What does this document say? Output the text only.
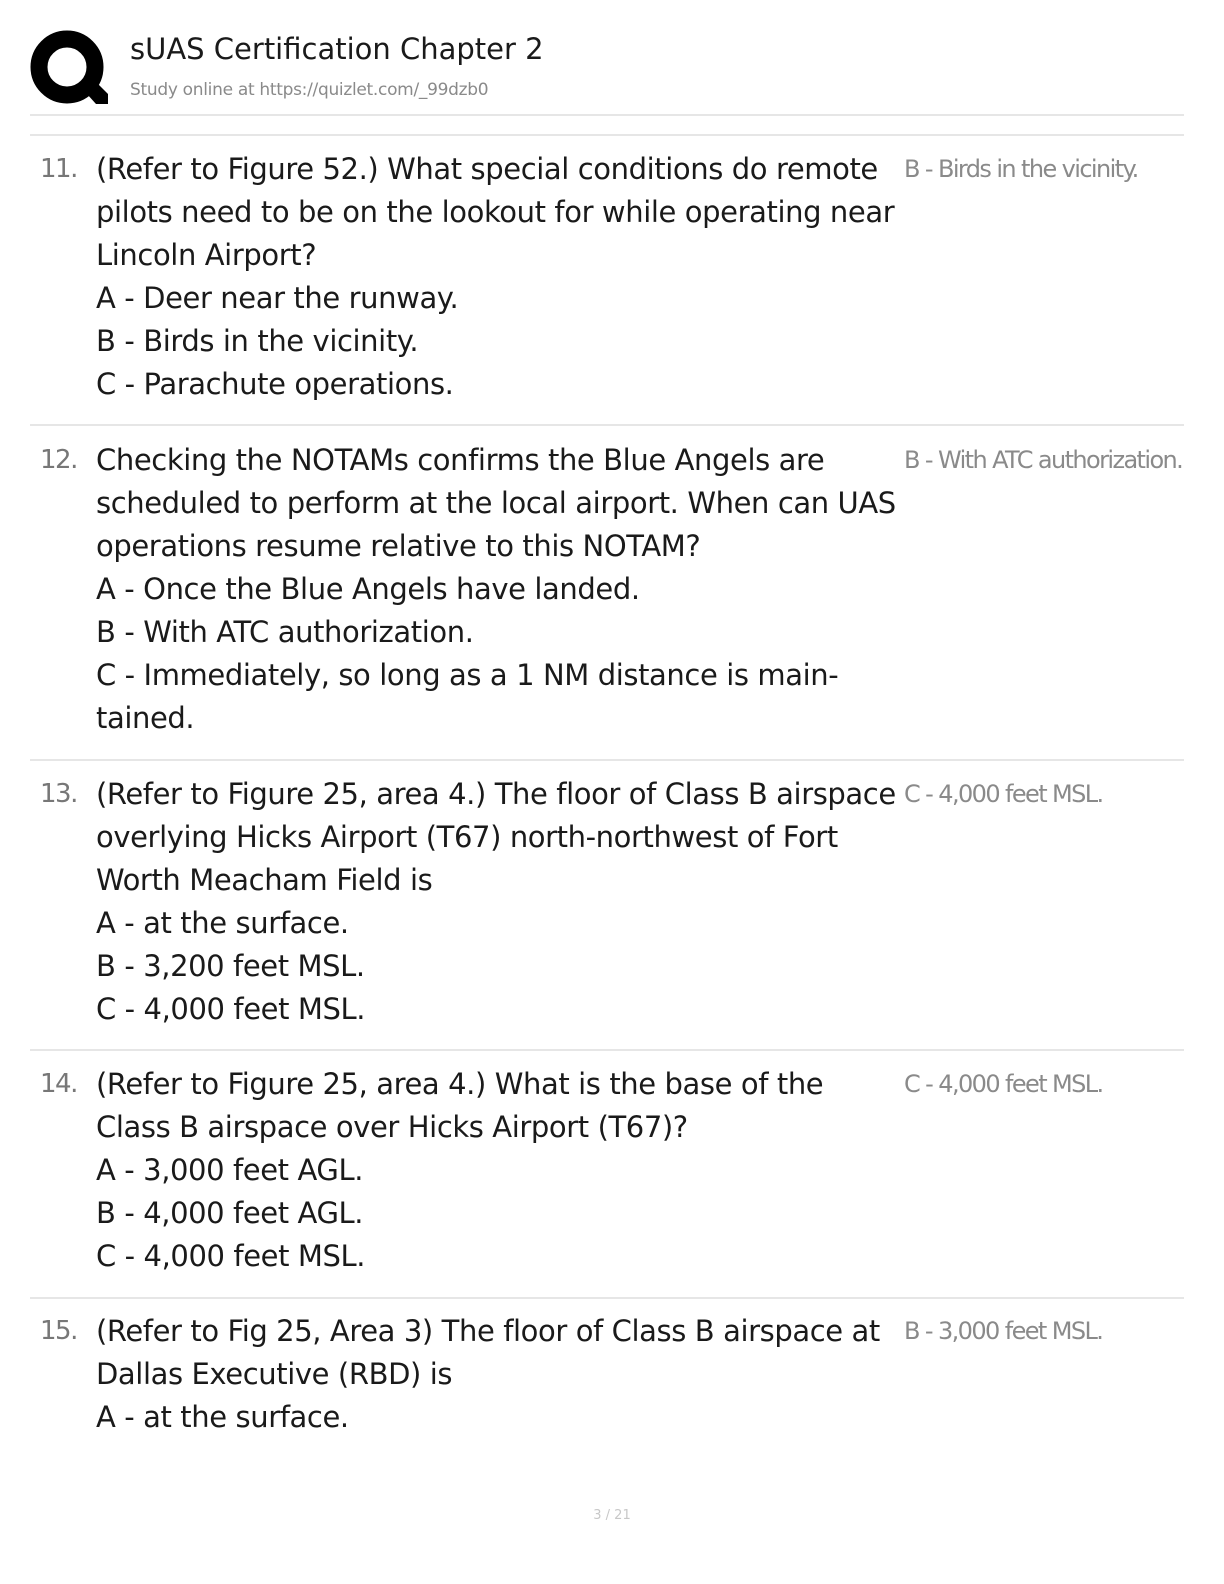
sUAS Certification Chapter 2
Study online at https://quizlet.com/_99dzb0
11. (Refer to Figure 52.) What special conditions do remote pilots need to be on the lookout for while operating near Lincoln Airport?
A - Deer near the runway.
B - Birds in the vicinity.
C - Parachute operations.
B - Birds in the vicinity.
12. Checking the NOTAMs confirms the Blue Angels are scheduled to perform at the local airport. When can UAS operations resume relative to this NOTAM?
A - Once the Blue Angels have landed.
B - With ATC authorization.
C - Immediately, so long as a 1 NM distance is main-tained.
B - With ATC authorization.
13. (Refer to Figure 25, area 4.) The floor of Class B airspace overlying Hicks Airport (T67) north-northwest of Fort Worth Meacham Field is
A - at the surface.
B - 3,200 feet MSL.
C - 4,000 feet MSL.
C - 4,000 feet MSL.
14. (Refer to Figure 25, area 4.) What is the base of the Class B airspace over Hicks Airport (T67)?
A - 3,000 feet AGL.
B - 4,000 feet AGL.
C - 4,000 feet MSL.
C - 4,000 feet MSL.
15. (Refer to Fig 25, Area 3) The floor of Class B airspace at Dallas Executive (RBD) is
A - at the surface.
B - 3,000 feet MSL.
3 / 21
